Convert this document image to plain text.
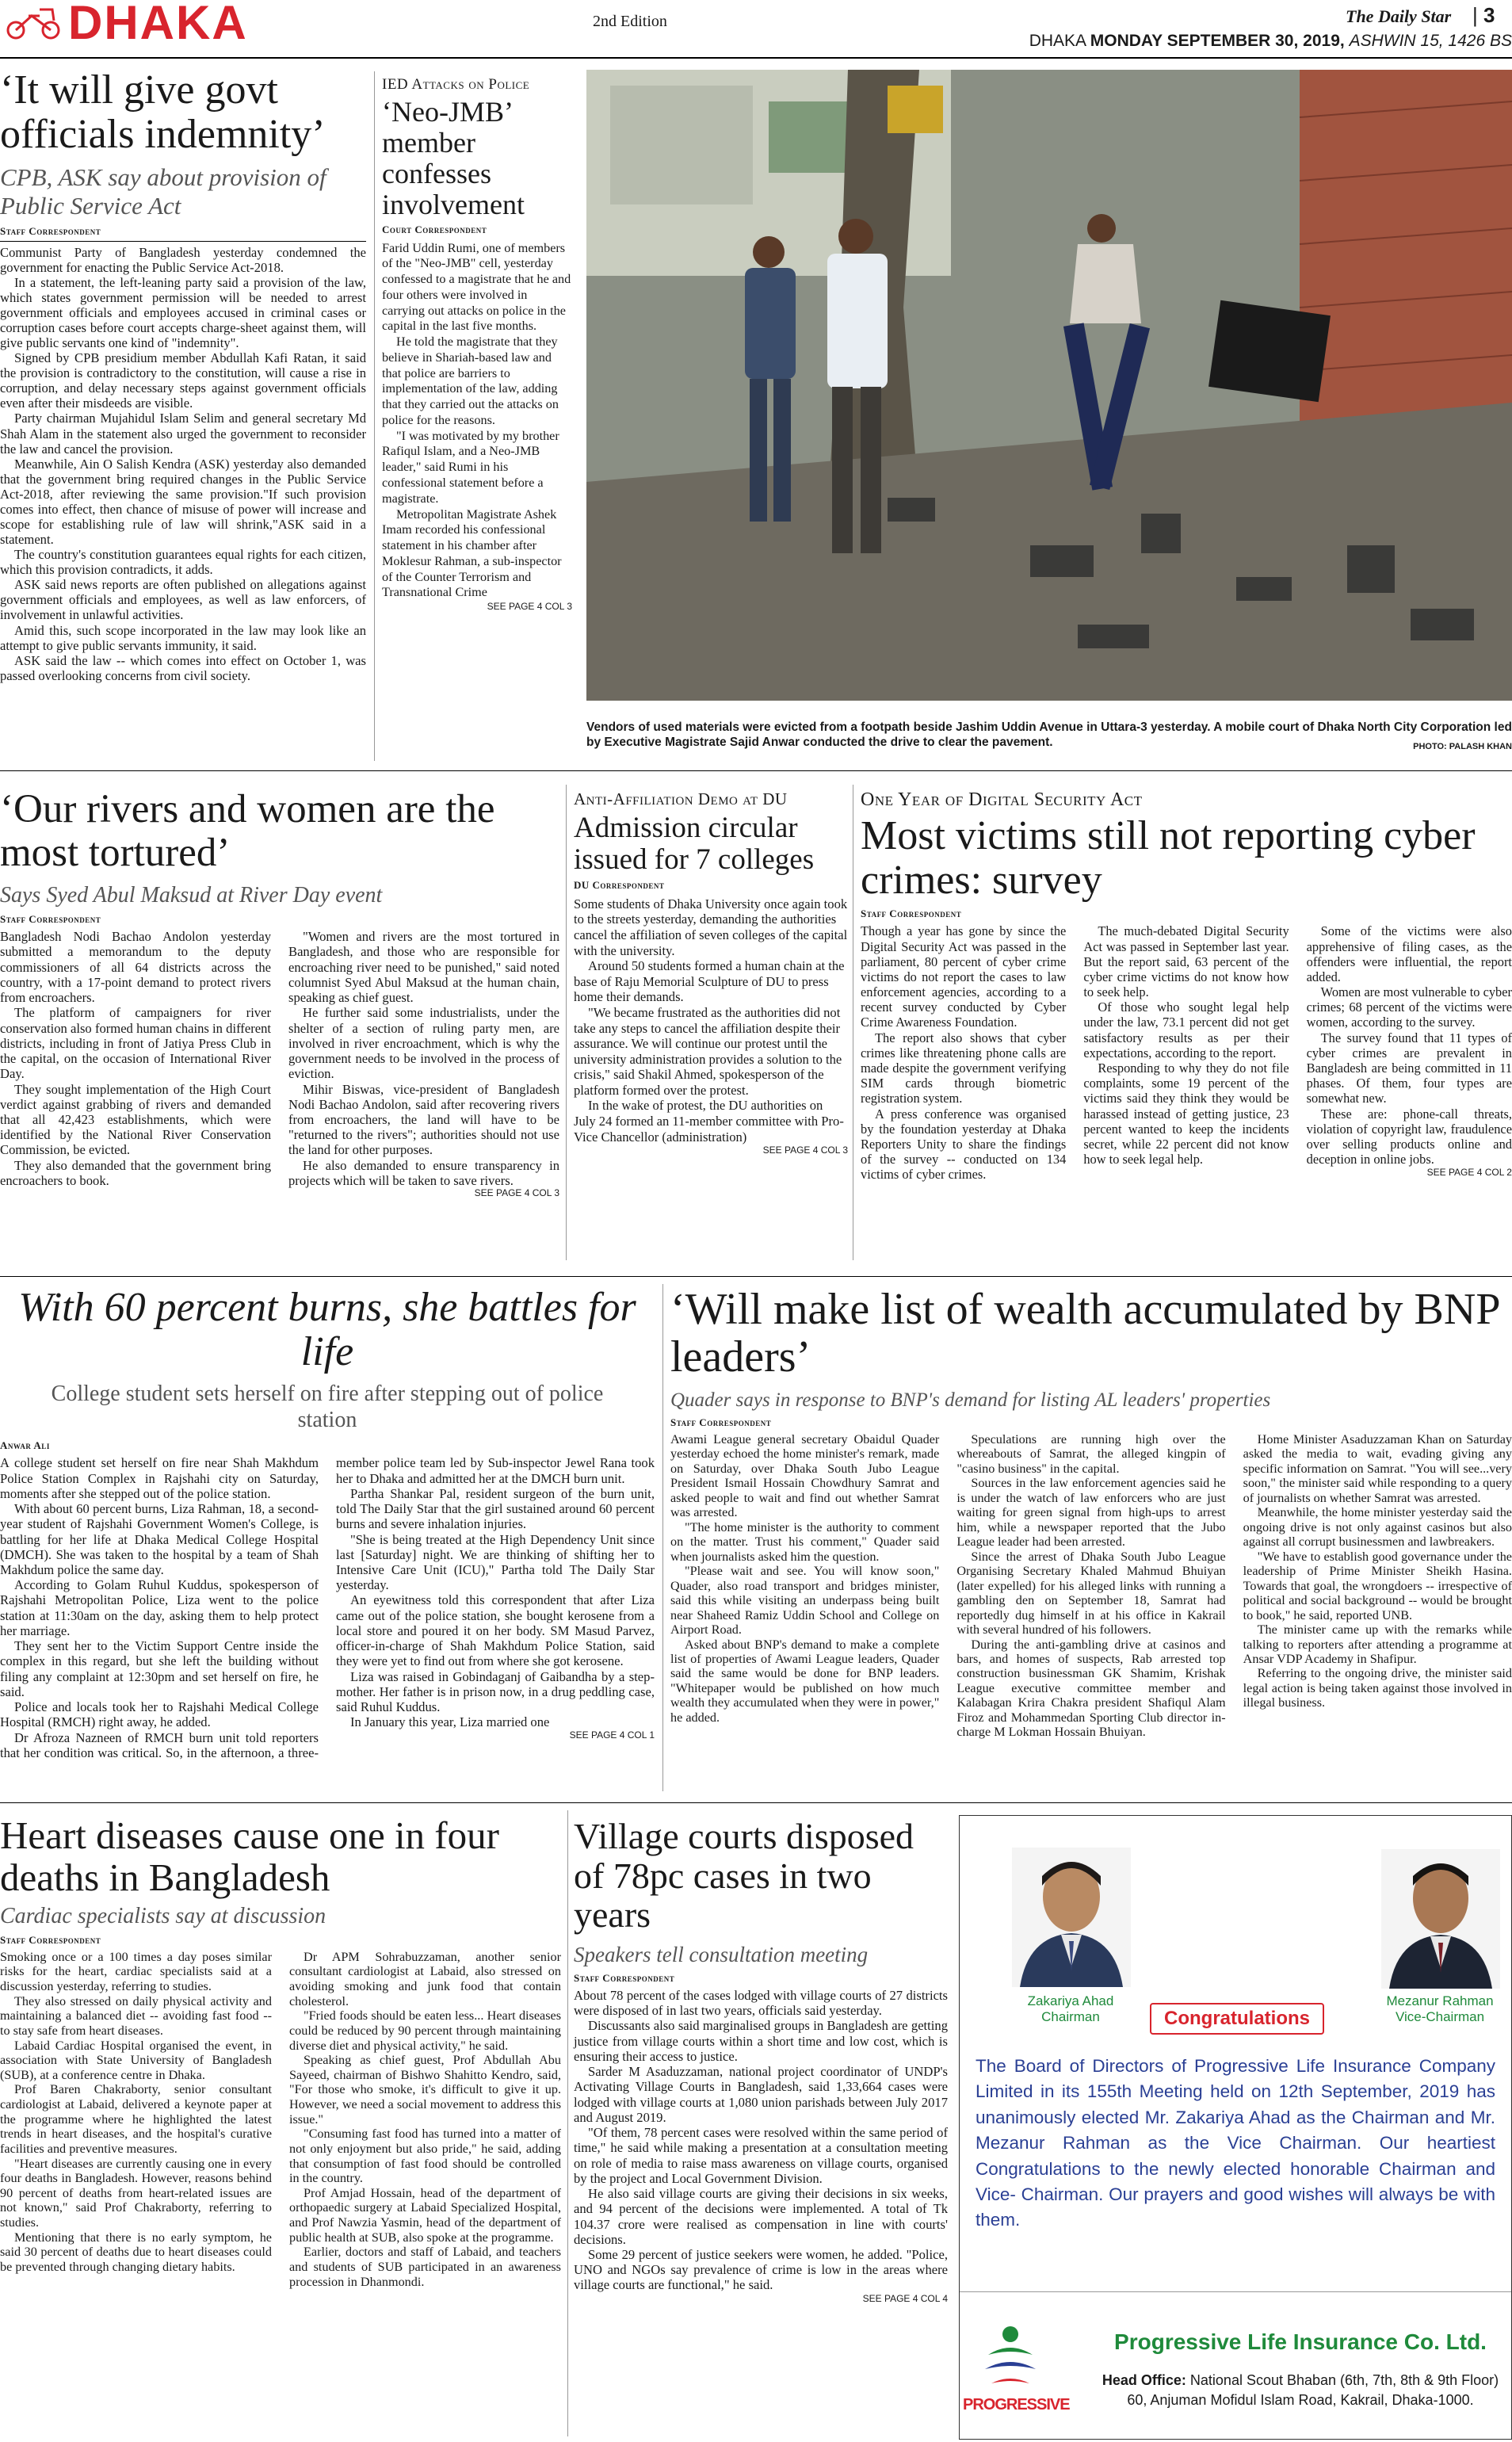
DHAKA	2nd Edition	The Daily Star | 3
DHAKA MONDAY SEPTEMBER 30, 2019, ASHWIN 15, 1426 BS
‘It will give govt officials indemnity’
CPB, ASK say about provision of Public Service Act
Staff Correspondent

Communist Party of Bangladesh yesterday condemned the government for enacting the Public Service Act-2018.

In a statement, the left-leaning party said a provision of the law, which states government permission will be needed to arrest government officials and employees accused in criminal cases or corruption cases before court accepts charge-sheet against them, will give public servants one kind of "indemnity".

Signed by CPB presidium member Abdullah Kafi Ratan, it said the provision is contradictory to the constitution, will cause a rise in corruption, and delay necessary steps against government officials even after their misdeeds are visible.

Party chairman Mujahidul Islam Selim and general secretary Md Shah Alam in the statement also urged the government to reconsider the law and cancel the provision.

Meanwhile, Ain O Salish Kendra (ASK) yesterday also demanded that the government bring required changes in the Public Service Act-2018, after reviewing the same provision."If such provision comes into effect, then chance of misuse of power will increase and scope for establishing rule of law will shrink,"ASK said in a statement.

The country's constitution guarantees equal rights for each citizen, which this provision contradicts, it adds.

ASK said news reports are often published on allegations against government officials and employees, as well as law enforcers, of involvement in unlawful activities.

Amid this, such scope incorporated in the law may look like an attempt to give public servants immunity, it said.

ASK said the law -- which comes into effect on October 1, was passed overlooking concerns from civil society.

IED Attacks on Police
‘Neo-JMB’ member confesses involvement
Court Correspondent

Farid Uddin Rumi, one of members of the "Neo-JMB" cell, yesterday confessed to a magistrate that he and four others were involved in carrying out attacks on police in the capital in the last five months.

He told the magistrate that they believe in Shariah-based law and that police are barriers to implementation of the law, adding that they carried out the attacks on police for the reasons.

"I was motivated by my brother Rafiqul Islam, and a Neo-JMB leader," said Rumi in his confessional statement before a magistrate.

Metropolitan Magistrate Ashek Imam recorded his confessional statement in his chamber after Moklesur Rahman, a sub-inspector of the Counter Terrorism and Transnational Crime

SEE PAGE 4 COL 3
Vendors of used materials were evicted from a footpath beside Jashim Uddin Avenue in Uttara-3 yesterday. A mobile court of Dhaka North City Corporation led by Executive Magistrate Sajid Anwar conducted the drive to clear the pavement.	PHOTO: PALASH KHAN
‘Our rivers and women are the most tortured’
Says Syed Abul Maksud at River Day event
Staff Correspondent

Bangladesh Nodi Bachao Andolon yesterday submitted a memorandum to the deputy commissioners of all 64 districts across the country, with a 17-point demand to protect rivers from encroachers.

The platform of campaigners for river conservation also formed human chains in different districts, including in front of Jatiya Press Club in the capital, on the occasion of International River Day.

They sought implementation of the High Court verdict against grabbing of rivers and demanded that all 42,423 establishments, which were identified by the National River Conservation Commission, be evicted.

They also demanded that the government bring encroachers to book.

"Women and rivers are the most tortured in Bangladesh, and those who are responsible for encroaching river need to be punished," said noted columnist Syed Abul Maksud at the human chain, speaking as chief guest.

He further said some industrialists, under the shelter of a section of ruling party men, are involved in river encroachment, which is why the government needs to be involved in the process of eviction.

Mihir Biswas, vice-president of Bangladesh Nodi Bachao Andolon, said after recovering rivers from encroachers, the land will have to be "returned to the rivers"; authorities should not use the land for other purposes.

He also demanded to ensure transparency in projects which will be taken to save rivers.

SEE PAGE 4 COL 3
Anti-Affiliation Demo at DU
Admission circular issued for 7 colleges
DU Correspondent

Some students of Dhaka University once again took to the streets yesterday, demanding the authorities cancel the affiliation of seven colleges of the capital with the university.

Around 50 students formed a human chain at the base of Raju Memorial Sculpture of DU to press home their demands.

"We became frustrated as the authorities did not take any steps to cancel the affiliation despite their assurance. We will continue our protest until the university administration provides a solution to the crisis," said Shakil Ahmed, spokesperson of the platform formed over the protest.

In the wake of protest, the DU authorities on July 24 formed an 11-member committee with Pro-Vice Chancellor (administration)

SEE PAGE 4 COL 3
One Year of Digital Security Act
Most victims still not reporting cyber crimes: survey
Staff Correspondent

Though a year has gone by since the Digital Security Act was passed in the parliament, 80 percent of cyber crime victims do not report the cases to law enforcement agencies, according to a recent survey conducted by Cyber Crime Awareness Foundation.

The report also shows that cyber crimes like threatening phone calls are made despite the government verifying SIM cards through biometric registration system.

A press conference was organised by the foundation yesterday at Dhaka Reporters Unity to share the findings of the survey -- conducted on 134 victims of cyber crimes.

The much-debated Digital Security Act was passed in September last year. But the report said, 63 percent of the cyber crime victims do not know how to seek help.

Of those who sought legal help under the law, 73.1 percent did not get satisfactory results as per their expectations, according to the report.

Responding to why they do not file complaints, some 19 percent of the victims said they think they would be harassed instead of getting justice, 23 percent wanted to keep the incidents secret, while 22 percent did not know how to seek legal help.

Some of the victims were also apprehensive of filing cases, as the offenders were influential, the report added.

Women are most vulnerable to cyber crimes; 68 percent of the victims were women, according to the survey.

The survey found that 11 types of cyber crimes are prevalent in Bangladesh are being committed in 11 phases. Of them, four types are somewhat new.

These are: phone-call threats, violation of copyright law, fraudulence over selling products online and deception in online jobs.

SEE PAGE 4 COL 2
With 60 percent burns, she battles for life
College student sets herself on fire after stepping out of police station
Anwar Ali

A college student set herself on fire near Shah Makhdum Police Station Complex in Rajshahi city on Saturday, moments after she stepped out of the police station.

With about 60 percent burns, Liza Rahman, 18, a second-year student of Rajshahi Government Women's College, is battling for her life at Dhaka Medical College Hospital (DMCH). She was taken to the hospital by a team of Shah Makhdum police the same day.

According to Golam Ruhul Kuddus, spokesperson of Rajshahi Metropolitan Police, Liza went to the police station at 11:30am on the day, asking them to help protect her marriage.

They sent her to the Victim Support Centre inside the complex in this regard, but she left the building without filing any complaint at 12:30pm and set herself on fire, he said.

Police and locals took her to Rajshahi Medical College Hospital (RMCH) right away, he added.

Dr Afroza Nazneen of RMCH burn unit told reporters that her condition was critical. So, in the afternoon, a three-member police team led by Sub-inspector Jewel Rana took her to Dhaka and admitted her at the DMCH burn unit.

Partha Shankar Pal, resident surgeon of the burn unit, told The Daily Star that the girl sustained around 60 percent burns and severe inhalation injuries.

"She is being treated at the High Dependency Unit since last [Saturday] night. We are thinking of shifting her to Intensive Care Unit (ICU)," Partha told The Daily Star yesterday.

An eyewitness told this correspondent that after Liza came out of the police station, she bought kerosene from a local store and poured it on her body. SM Masud Parvez, officer-in-charge of Shah Makhdum Police Station, said they were yet to find out from where she got kerosene.

Liza was raised in Gobindaganj of Gaibandha by a step-mother. Her father is in prison now, in a drug peddling case, said Ruhul Kuddus.

In January this year, Liza married one

SEE PAGE 4 COL 1
‘Will make list of wealth accumulated by BNP leaders’
Quader says in response to BNP's demand for listing AL leaders' properties
Staff Correspondent

Awami League general secretary Obaidul Quader yesterday echoed the home minister's remark, made on Saturday, over Dhaka South Jubo League President Ismail Hossain Chowdhury Samrat and asked people to wait and find out whether Samrat was arrested.

"The home minister is the authority to comment on the matter. Trust his comment," Quader said when journalists asked him the question.

"Please wait and see. You will know soon," Quader, also road transport and bridges minister, said this while visiting an underpass being built near Shaheed Ramiz Uddin School and College on Airport Road.

Asked about BNP's demand to make a complete list of properties of Awami League leaders, Quader said the same would be done for BNP leaders. "Whitepaper would be published on how much wealth they accumulated when they were in power," he added.

Speculations are running high over the whereabouts of Samrat, the alleged kingpin of "casino business" in the capital.

Sources in the law enforcement agencies said he is under the watch of law enforcers who are just waiting for green signal from high-ups to arrest him, while a newspaper reported that the Jubo League leader had been arrested.

Since the arrest of Dhaka South Jubo League Organising Secretary Khaled Mahmud Bhuiyan (later expelled) for his alleged links with running a gambling den on September 18, Samrat had reportedly dug himself in at his office in Kakrail with several hundred of his followers.

During the anti-gambling drive at casinos and bars, and homes of suspects, Rab arrested top construction businessman GK Shamim, Krishak League executive committee member and Kalabagan Krira Chakra president Shafiqul Alam Firoz and Mohammedan Sporting Club director in-charge M Lokman Hossain Bhuiyan.

Home Minister Asaduzzaman Khan on Saturday asked the media to wait, evading giving any specific information on Samrat. "You will see...very soon," the minister said while responding to a query of journalists on whether Samrat was arrested.

Meanwhile, the home minister yesterday said the ongoing drive is not only against casinos but also against all corrupt businessmen and lawbreakers.

"We have to establish good governance under the leadership of Prime Minister Sheikh Hasina. Towards that goal, the wrongdoers -- irrespective of political and social background -- would be brought to book," he said, reported UNB.

The minister came up with the remarks while talking to reporters after attending a programme at Ansar VDP Academy in Shafipur.

Referring to the ongoing drive, the minister said legal action is being taken against those involved in illegal business.

Heart diseases cause one in four deaths in Bangladesh
Cardiac specialists say at discussion
Staff Correspondent

Smoking once or a 100 times a day poses similar risks for the heart, cardiac specialists said at a discussion yesterday, referring to studies.

They also stressed on daily physical activity and maintaining a balanced diet -- avoiding fast food -- to stay safe from heart diseases.

Labaid Cardiac Hospital organised the event, in association with State University of Bangladesh (SUB), at a conference centre in Dhaka.

Prof Baren Chakraborty, senior consultant cardiologist at Labaid, delivered a keynote paper at the programme where he highlighted the latest trends in heart diseases, and the hospital's curative facilities and preventive measures.

"Heart diseases are currently causing one in every four deaths in Bangladesh. However, reasons behind 90 percent of deaths from heart-related issues are not known," said Prof Chakraborty, referring to studies.

Mentioning that there is no early symptom, he said 30 percent of deaths due to heart diseases could be prevented through changing dietary habits.

Dr APM Sohrabuzzaman, another senior consultant cardiologist at Labaid, also stressed on avoiding smoking and junk food that contain cholesterol.

"Fried foods should be eaten less... Heart diseases could be reduced by 90 percent through maintaining diverse diet and physical activity," he said.

Speaking as chief guest, Prof Abdullah Abu Sayeed, chairman of Bishwo Shahitto Kendro, said, "For those who smoke, it's difficult to give it up. However, we need a social movement to address this issue."

"Consuming fast food has turned into a matter of not only enjoyment but also pride," he said, adding that consumption of fast food should be controlled in the country.

Prof Amjad Hossain, head of the department of orthopaedic surgery at Labaid Specialized Hospital, and Prof Nawzia Yasmin, head of the department of public health at SUB, also spoke at the programme.

Earlier, doctors and staff of Labaid, and teachers and students of SUB participated in an awareness procession in Dhanmondi.

Village courts disposed of 78pc cases in two years
Speakers tell consultation meeting
Staff Correspondent

About 78 percent of the cases lodged with village courts of 27 districts were disposed of in last two years, officials said yesterday.

Discussants also said marginalised groups in Bangladesh are getting justice from village courts within a short time and low cost, which is ensuring their access to justice.

Sarder M Asaduzzaman, national project coordinator of UNDP's Activating Village Courts in Bangladesh, said 1,33,664 cases were lodged with village courts at 1,080 union parishads between July 2017 and August 2019.

"Of them, 78 percent cases were resolved within the same period of time," he said while making a presentation at a consultation meeting on role of media to raise mass awareness on village courts, organised by the project and Local Government Division.

He also said village courts are giving their decisions in six weeks, and 94 percent of the decisions were implemented. A total of Tk 104.37 crore were realised as compensation in line with courts' decisions.

Some 29 percent of justice seekers were women, he added. "Police, UNO and NGOs say prevalence of crime is low in the areas where village courts are functional," he said.

SEE PAGE 4 COL 4
Zakariya Ahad
Chairman
Mezanur Rahman
Vice-Chairman
Congratulations
The Board of Directors of Progressive Life Insurance Company Limited in its 155th Meeting held on 12th September, 2019 has unanimously elected Mr. Zakariya Ahad as the Chairman and Mr. Mezanur Rahman as the Vice Chairman. Our heartiest Congratulations to the newly elected honorable Chairman and Vice- Chairman. Our prayers and good wishes will always be with them.
PROGRESSIVE
Progressive Life Insurance Co. Ltd.
Head Office: National Scout Bhaban (6th, 7th, 8th & 9th Floor)
60, Anjuman Mofidul Islam Road, Kakrail, Dhaka-1000.
